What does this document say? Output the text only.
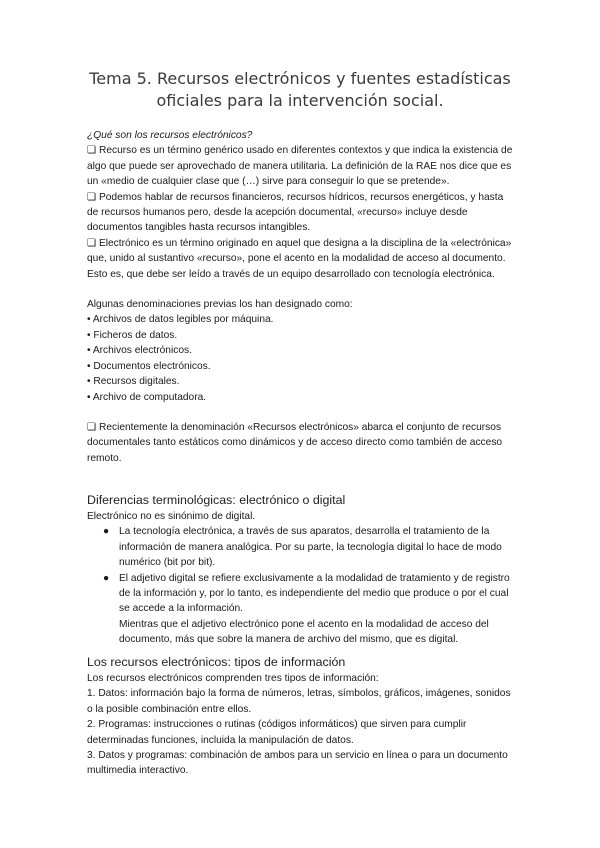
Tema 5. Recursos electrónicos y fuentes estadísticas
oficiales para la intervención social.

¿Qué son los recursos electrónicos?

❏ Recurso es un término genérico usado en diferentes contextos y que indica la existencia de algo que puede ser aprovechado de manera utilitaria. La definición de la RAE nos dice que es un «medio de cualquier clase que (…) sirve para conseguir lo que se pretende».

❏ Podemos hablar de recursos financieros, recursos hídricos, recursos energéticos, y hasta de recursos humanos pero, desde la acepción documental, «recurso» incluye desde documentos tangibles hasta recursos intangibles.

❏ Electrónico es un término originado en aquel que designa a la disciplina de la «electrónica» que, unido al sustantivo «recurso», pone el acento en la modalidad de acceso al documento. Esto es, que debe ser leído a través de un equipo desarrollado con tecnología electrónica.

Algunas denominaciones previas los han designado como:

• Archivos de datos legibles por máquina.
• Ficheros de datos.
• Archivos electrónicos.
• Documentos electrónicos.
• Recursos digitales.
• Archivo de computadora.

❏ Recientemente la denominación «Recursos electrónicos» abarca el conjunto de recursos documentales tanto estáticos como dinámicos y de acceso directo como también de acceso remoto.

Diferencias terminológicas: electrónico o digital

Electrónico no es sinónimo de digital.

● La tecnología electrónica, a través de sus aparatos, desarrolla el tratamiento de la información de manera analógica. Por su parte, la tecnología digital lo hace de modo numérico (bit por bit).
● El adjetivo digital se refiere exclusivamente a la modalidad de tratamiento y de registro de la información y, por lo tanto, es independiente del medio que produce o por el cual se accede a la información.

Mientras que el adjetivo electrónico pone el acento en la modalidad de acceso del documento, más que sobre la manera de archivo del mismo, que es digital.

Los recursos electrónicos: tipos de información

Los recursos electrónicos comprenden tres tipos de información:

1. Datos: información bajo la forma de números, letras, símbolos, gráficos, imágenes, sonidos o la posible combinación entre ellos.

2. Programas: instrucciones o rutinas (códigos informáticos) que sirven para cumplir determinadas funciones, incluida la manipulación de datos.

3. Datos y programas: combinación de ambos para un servicio en línea o para un documento multimedia interactivo.
